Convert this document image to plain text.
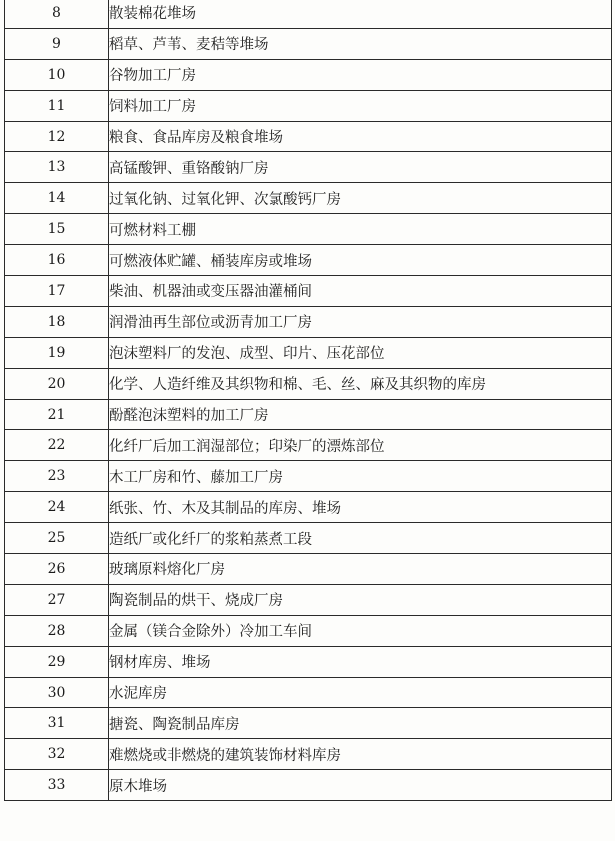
8	散装棉花堆场
9	稻草、芦苇、麦秸等堆场
10	谷物加工厂房
11	饲料加工厂房
12	粮食、食品库房及粮食堆场
13	高锰酸钾、重铬酸钠厂房
14	过氧化钠、过氧化钾、次氯酸钙厂房
15	可燃材料工棚
16	可燃液体贮罐、桶装库房或堆场
17	柴油、机器油或变压器油灌桶间
18	润滑油再生部位或沥青加工厂房
19	泡沫塑料厂的发泡、成型、印片、压花部位
20	化学、人造纤维及其织物和棉、毛、丝、麻及其织物的库房
21	酚醛泡沫塑料的加工厂房
22	化纤厂后加工润湿部位；印染厂的漂炼部位
23	木工厂房和竹、藤加工厂房
24	纸张、竹、木及其制品的库房、堆场
25	造纸厂或化纤厂的浆粕蒸煮工段
26	玻璃原料熔化厂房
27	陶瓷制品的烘干、烧成厂房
28	金属（镁合金除外）冷加工车间
29	钢材库房、堆场
30	水泥库房
31	搪瓷、陶瓷制品库房
32	难燃烧或非燃烧的建筑装饰材料库房
33	原木堆场
